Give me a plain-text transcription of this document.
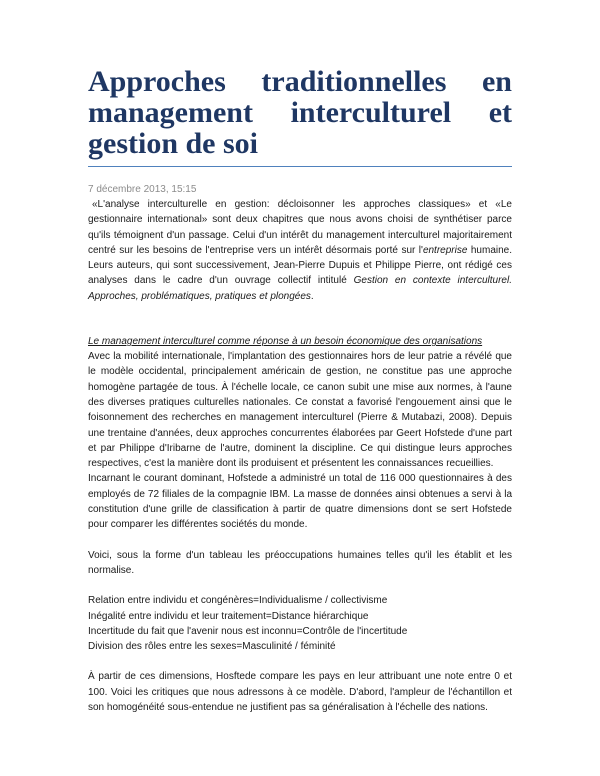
Approches traditionnelles en management interculturel et gestion de soi

7 décembre 2013, 15:15

«L'analyse interculturelle en gestion: décloisonner les approches classiques» et «Le gestionnaire international» sont deux chapitres que nous avons choisi de synthétiser parce qu'ils témoignent d'un passage. Celui d'un intérêt du management interculturel majoritairement centré sur les besoins de l'entreprise vers un intérêt désormais porté sur l'entreprise humaine. Leurs auteurs, qui sont successivement, Jean-Pierre Dupuis et Philippe Pierre, ont rédigé ces analyses dans le cadre d'un ouvrage collectif intitulé Gestion en contexte interculturel. Approches, problématiques, pratiques et plongées.

Le management interculturel comme réponse à un besoin économique des organisations

Avec la mobilité internationale, l'implantation des gestionnaires hors de leur patrie a révélé que le modèle occidental, principalement américain de gestion, ne constitue pas une approche homogène partagée de tous. À l'échelle locale, ce canon subit une mise aux normes, à l'aune des diverses pratiques culturelles nationales. Ce constat a favorisé l'engouement ainsi que le foisonnement des recherches en management interculturel (Pierre & Mutabazi, 2008). Depuis une trentaine d'années, deux approches concurrentes élaborées par Geert Hofstede d'une part et par Philippe d'Iribarne de l'autre, dominent la discipline. Ce qui distingue leurs approches respectives, c'est la manière dont ils produisent et présentent les connaissances recueillies.

Incarnant le courant dominant, Hofstede a administré un total de 116 000 questionnaires à des employés de 72 filiales de la compagnie IBM. La masse de données ainsi obtenues a servi à la constitution d'une grille de classification à partir de quatre dimensions dont se sert Hofstede pour comparer les différentes sociétés du monde.

Voici, sous la forme d'un tableau les préoccupations humaines telles qu'il les établit et les normalise.

Relation entre individu et congénères=Individualisme / collectivisme

Inégalité entre individu et leur traitement=Distance hiérarchique

Incertitude du fait que l'avenir nous est inconnu=Contrôle de l'incertitude

Division des rôles entre les sexes=Masculinité / féminité

À partir de ces dimensions, Hosftede compare les pays en leur attribuant une note entre 0 et 100. Voici les critiques que nous adressons à ce modèle. D'abord, l'ampleur de l'échantillon et son homogénéité sous-entendue ne justifient pas sa généralisation à l'échelle des nations.
